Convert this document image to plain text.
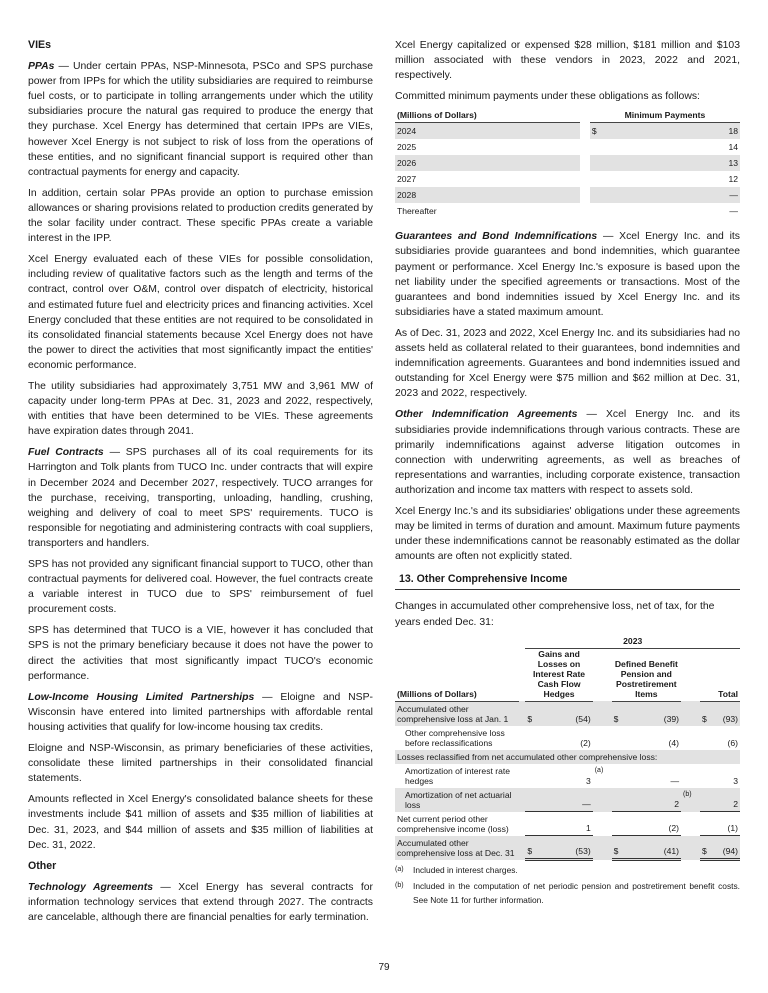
VIEs

PPAs — Under certain PPAs, NSP-Minnesota, PSCo and SPS purchase power from IPPs for which the utility subsidiaries are required to reimburse fuel costs, or to participate in tolling arrangements under which the utility subsidiaries procure the natural gas required to produce the energy that they purchase. Xcel Energy has determined that certain IPPs are VIEs, however Xcel Energy is not subject to risk of loss from the operations of these entities, and no significant financial support is required other than contractual payments for energy and capacity.

In addition, certain solar PPAs provide an option to purchase emission allowances or sharing provisions related to production credits generated by the solar facility under contract. These specific PPAs create a variable interest in the IPP.

Xcel Energy evaluated each of these VIEs for possible consolidation, including review of qualitative factors such as the length and terms of the contract, control over O&M, control over dispatch of electricity, historical and estimated future fuel and electricity prices and financing activities. Xcel Energy concluded that these entities are not required to be consolidated in its consolidated financial statements because Xcel Energy does not have the power to direct the activities that most significantly impact the entities' economic performance.

The utility subsidiaries had approximately 3,751 MW and 3,961 MW of capacity under long-term PPAs at Dec. 31, 2023 and 2022, respectively, with entities that have been determined to be VIEs. These agreements have expiration dates through 2041.

Fuel Contracts — SPS purchases all of its coal requirements for its Harrington and Tolk plants from TUCO Inc. under contracts that will expire in December 2024 and December 2027, respectively. TUCO arranges for the purchase, receiving, transporting, unloading, handling, crushing, weighing and delivery of coal to meet SPS' requirements. TUCO is responsible for negotiating and administering contracts with coal suppliers, transporters and handlers.

SPS has not provided any significant financial support to TUCO, other than contractual payments for delivered coal. However, the fuel contracts create a variable interest in TUCO due to SPS' reimbursement of fuel procurement costs.

SPS has determined that TUCO is a VIE, however it has concluded that SPS is not the primary beneficiary because it does not have the power to direct the activities that most significantly impact TUCO's economic performance.

Low-Income Housing Limited Partnerships — Eloigne and NSP-Wisconsin have entered into limited partnerships with affordable rental housing activities that qualify for low-income housing tax credits.

Eloigne and NSP-Wisconsin, as primary beneficiaries of these activities, consolidate these limited partnerships in their consolidated financial statements.

Amounts reflected in Xcel Energy's consolidated balance sheets for these investments include $41 million of assets and $35 million of liabilities at Dec. 31, 2023, and $44 million of assets and $35 million of liabilities at Dec. 31, 2022.

Other

Technology Agreements — Xcel Energy has several contracts for information technology services that extend through 2027. The contracts are cancelable, although there are financial penalties for early termination.

Xcel Energy capitalized or expensed $28 million, $181 million and $103 million associated with these vendors in 2023, 2022 and 2021, respectively.

Committed minimum payments under these obligations as follows:

(Millions of Dollars)		Minimum Payments	
2024		$	18
2025			14
2026			13
2027			12
2028			—
Thereafter			—

Guarantees and Bond Indemnifications — Xcel Energy Inc. and its subsidiaries provide guarantees and bond indemnities, which guarantee payment or performance. Xcel Energy Inc.'s exposure is based upon the net liability under the specified agreements or transactions. Most of the guarantees and bond indemnities issued by Xcel Energy Inc. and its subsidiaries have a stated maximum amount.

As of Dec. 31, 2023 and 2022, Xcel Energy Inc. and its subsidiaries had no assets held as collateral related to their guarantees, bond indemnities and indemnification agreements. Guarantees and bond indemnities issued and outstanding for Xcel Energy were $75 million and $62 million at Dec. 31, 2023 and 2022, respectively.

Other Indemnification Agreements — Xcel Energy Inc. and its subsidiaries provide indemnifications through various contracts. These are primarily indemnifications against adverse litigation outcomes in connection with underwriting agreements, as well as breaches of representations and warranties, including corporate existence, transaction authorization and income tax matters with respect to assets sold.

Xcel Energy Inc.'s and its subsidiaries' obligations under these agreements may be limited in terms of duration and amount. Maximum future payments under these indemnifications cannot be reasonably estimated as the dollar amounts are often not explicitly stated.

13. Other Comprehensive Income

Changes in accumulated other comprehensive loss, net of tax, for the years ended Dec. 31:

		2023							
(Millions of Dollars)		Gains and Losses on Interest Rate Cash Flow Hedges			Defined Benefit Pension and Postretirement Items			Total	
Accumulated other comprehensive loss at Jan. 1		$	(54)		$	(39)		$	(93)
Other comprehensive loss before reclassifications			(2)			(4)			(6)
Losses reclassified from net accumulated other comprehensive loss:									
Amortization of interest rate hedges			3	(a)		—			3
Amortization of net actuarial loss			—			2	(b)		2
Net current period other comprehensive income (loss)			1			(2)			(1)
Accumulated other comprehensive loss at Dec. 31		$	(53)		$	(41)		$	(94)
(a)	Included in interest charges.
(b)	Included in the computation of net periodic pension and postretirement benefit costs. See Note 11 for further information.
79
